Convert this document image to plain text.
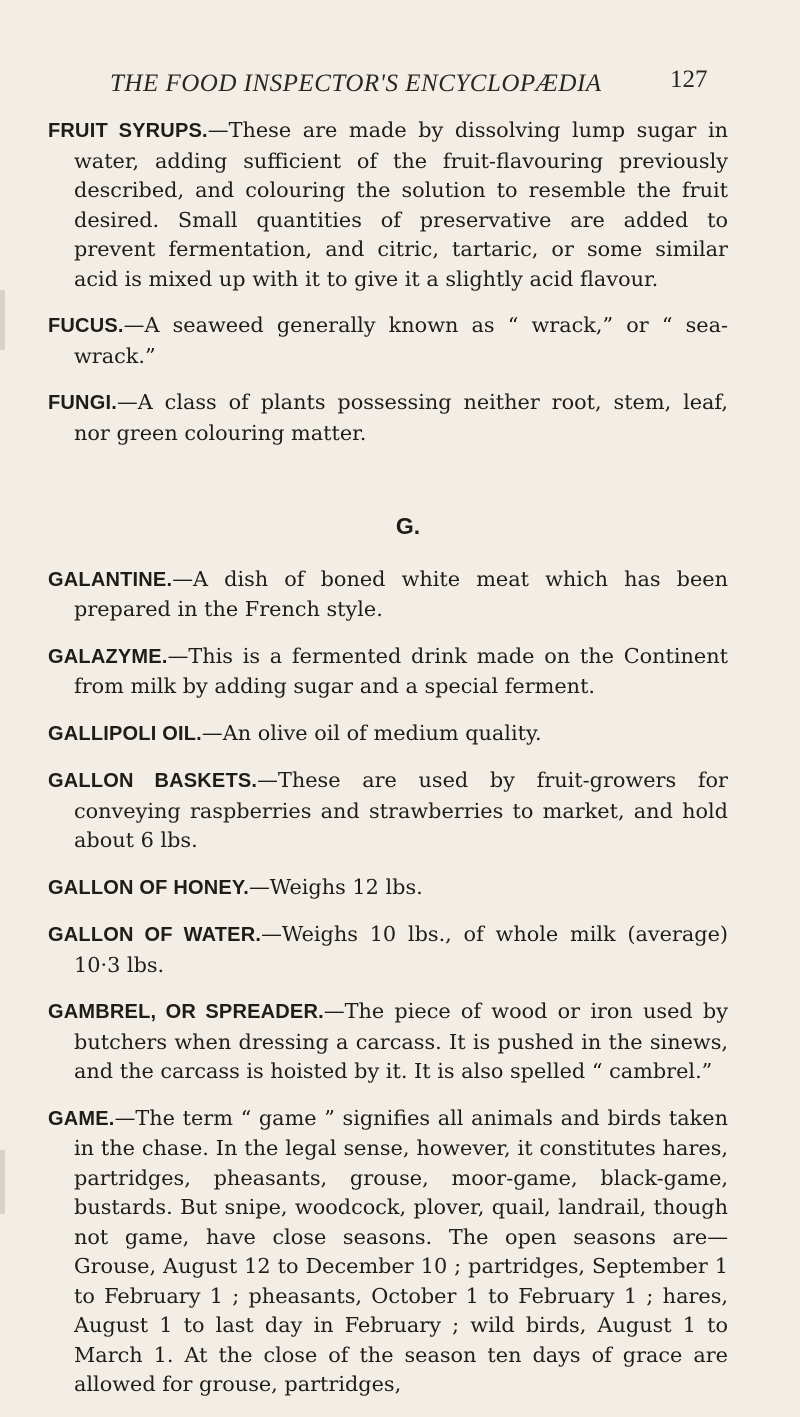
THE FOOD INSPECTOR'S ENCYCLOPÆDIA	127

FRUIT SYRUPS.—These are made by dissolving lump sugar in water, adding sufficient of the fruit-flavouring previously described, and colouring the solution to resemble the fruit desired. Small quantities of preservative are added to prevent fermentation, and citric, tartaric, or some similar acid is mixed up with it to give it a slightly acid flavour.

FUCUS.—A seaweed generally known as “ wrack,” or “ sea-wrack.”

FUNGI.—A class of plants possessing neither root, stem, leaf, nor green colouring matter.

G.

GALANTINE.—A dish of boned white meat which has been prepared in the French style.

GALAZYME.—This is a fermented drink made on the Continent from milk by adding sugar and a special ferment.

GALLIPOLI OIL.—An olive oil of medium quality.

GALLON BASKETS.—These are used by fruit-growers for conveying raspberries and strawberries to market, and hold about 6 lbs.

GALLON OF HONEY.—Weighs 12 lbs.

GALLON OF WATER.—Weighs 10 lbs., of whole milk (average) 10·3 lbs.

GAMBREL, OR SPREADER.—The piece of wood or iron used by butchers when dressing a carcass. It is pushed in the sinews, and the carcass is hoisted by it. It is also spelled “ cambrel.”

GAME.—The term “ game ” signifies all animals and birds taken in the chase. In the legal sense, however, it constitutes hares, partridges, pheasants, grouse, moor-game, black-game, bustards. But snipe, woodcock, plover, quail, landrail, though not game, have close seasons. The open seasons are—Grouse, August 12 to December 10 ; partridges, September 1 to February 1 ; pheasants, October 1 to February 1 ; hares, August 1 to last day in February ; wild birds, August 1 to March 1. At the close of the season ten days of grace are allowed for grouse, partridges,
